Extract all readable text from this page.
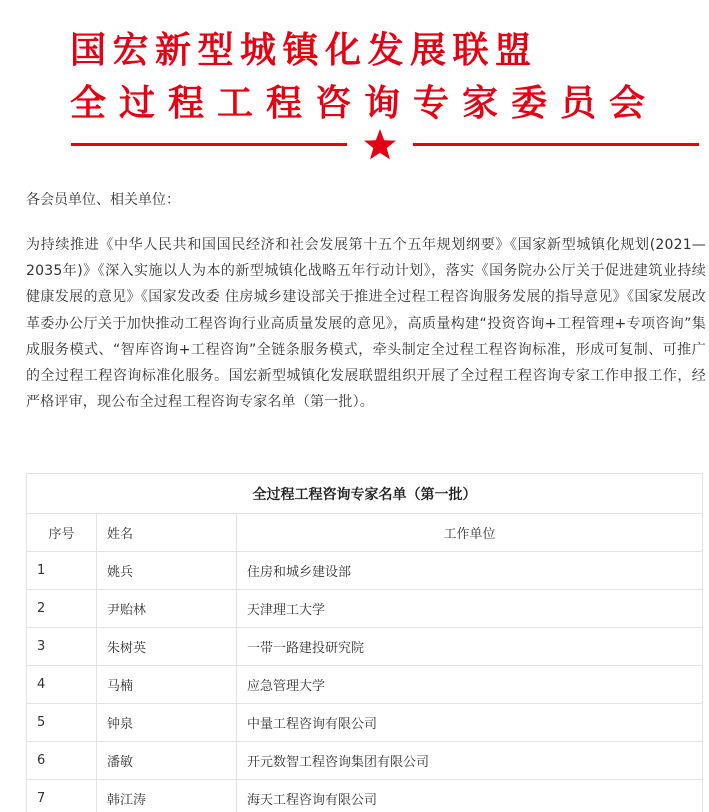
国宏新型城镇化发展联盟
全过程工程咨询专家委员会

各会员单位、相关单位：

为持续推进《中华人民共和国国民经济和社会发展第十五个五年规划纲要》《国家新型城镇化规划(2021—2035年)》《深入实施以人为本的新型城镇化战略五年行动计划》，落实《国务院办公厅关于促进建筑业持续健康发展的意见》《国家发改委 住房城乡建设部关于推进全过程工程咨询服务发展的指导意见》《国家发展改革委办公厅关于加快推动工程咨询行业高质量发展的意见》，高质量构建“投资咨询+工程管理+专项咨询”集成服务模式、“智库咨询+工程咨询”全链条服务模式，牵头制定全过程工程咨询标准，形成可复制、可推广的全过程工程咨询标准化服务。国宏新型城镇化发展联盟组织开展了全过程工程咨询专家工作申报工作，经严格评审，现公布全过程工程咨询专家名单（第一批）。

全过程工程咨询专家名单（第一批）		
序号	姓名	工作单位
1	姚兵	住房和城乡建设部
2	尹贻林	天津理工大学
3	朱树英	一带一路建投研究院
4	马楠	应急管理大学
5	钟泉	中量工程咨询有限公司
6	潘敏	开元数智工程咨询集团有限公司
7	韩江涛	海天工程咨询有限公司
